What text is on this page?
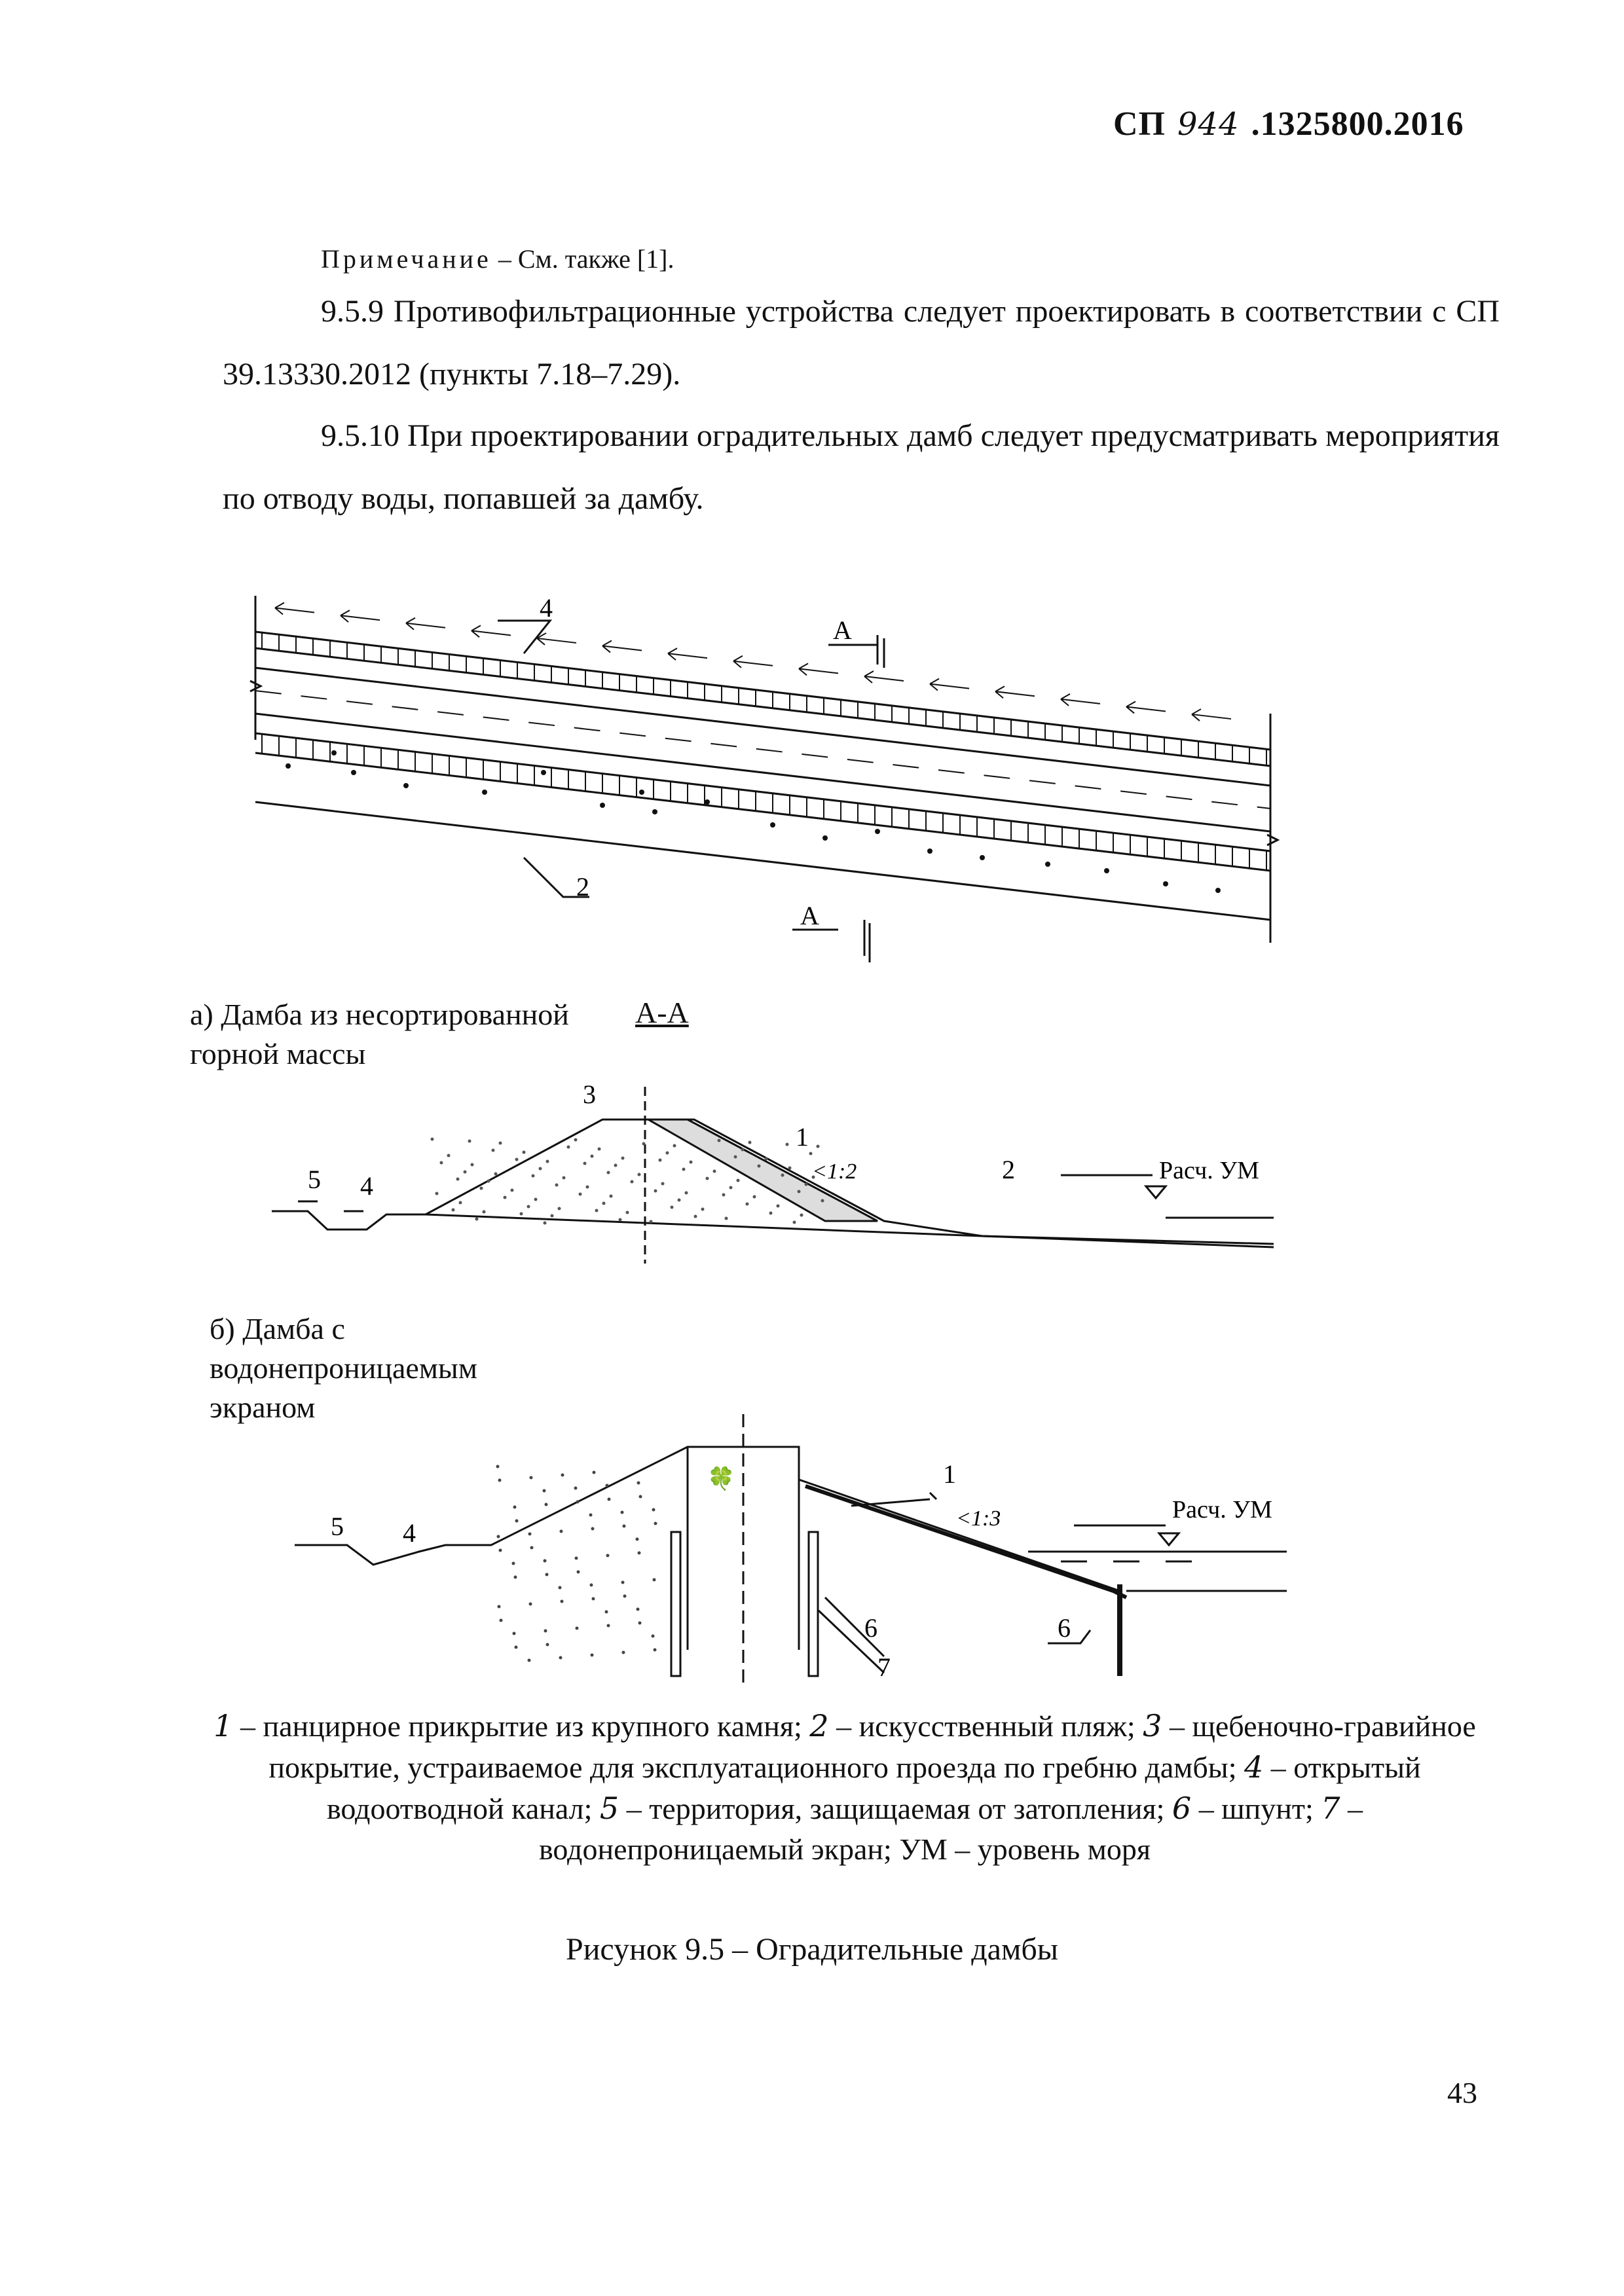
СП 944 .1325800.2016
Примечание – См. также [1].
9.5.9 Противофильтрационные устройства следует проектировать в соответствии с СП 39.13330.2012 (пункты 7.18–7.29).
9.5.10 При проектировании оградительных дамб следует предусматривать мероприятия по отводу воды, попавшей за дамбу.
4
2
А
А
а) Дамба из несортированной горной массы
А-А
3
1
<1:2	2
5 4
Расч. УМ
б) Дамба с водонепроницаемым экраном
🍀	1
<1:3
5 4
6
7
6
Расч. УМ
1 – панцирное прикрытие из крупного камня; 2 – искусственный пляж; 3 – щебеночно-гравийное покрытие, устраиваемое для эксплуатационного проезда по гребню дамбы; 4 – открытый водоотводной канал; 5 – территория, защищаемая от затопления; 6 – шпунт; 7 – водонепроницаемый экран; УМ – уровень моря
Рисунок 9.5 – Оградительные дамбы
43
